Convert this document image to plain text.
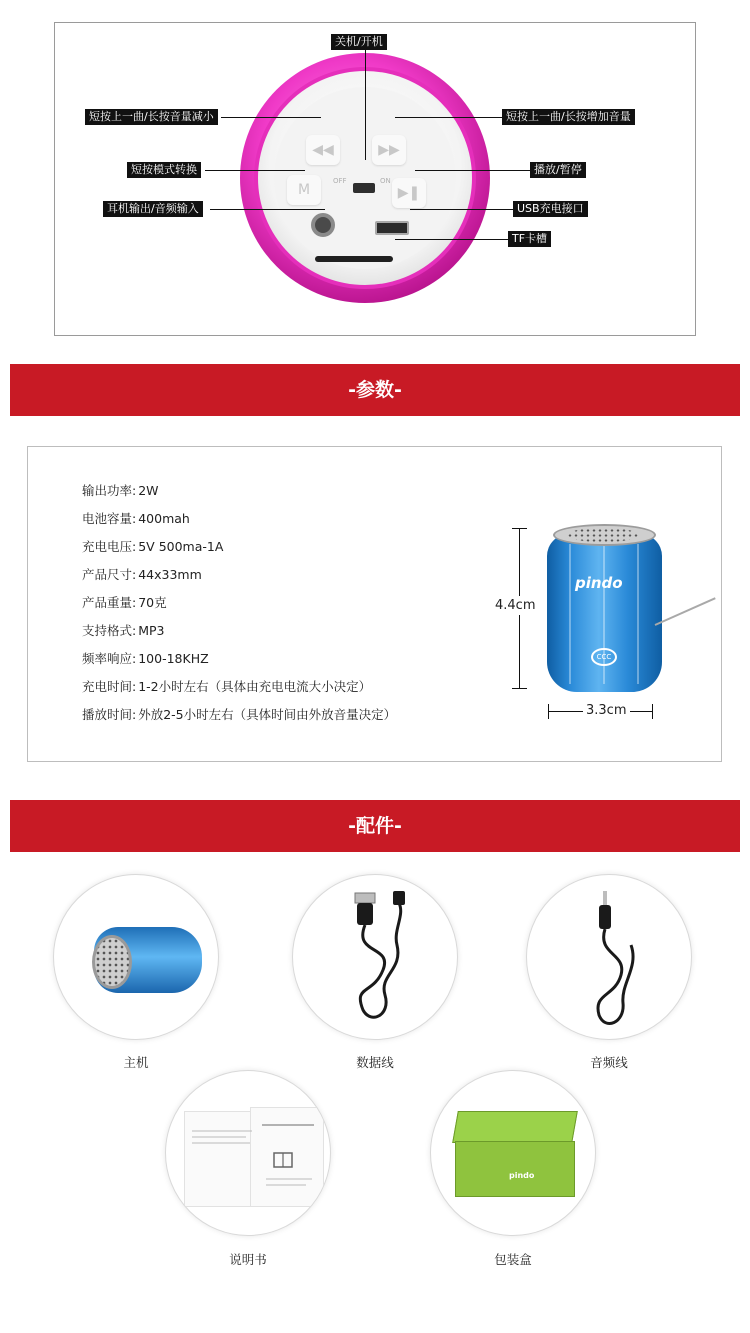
◀◀	▶▶
M	▶❚
OFF	ON
关机/开机
短按上一曲/长按音量减小	短按上一曲/长按增加音量
短按模式转换	播放/暂停
耳机输出/音频输入	USB充电接口
TF卡槽
-参数-
输出功率: 2W
电池容量: 400mah
充电电压: 5V 500ma-1A
产品尺寸: 44x33mm
产品重量: 70克
支持格式: MP3
频率响应: 100-18KHZ
充电时间: 1-2小时左右（具体由充电电流大小决定）
播放时间: 外放2-5小时左右（具体时间由外放音量决定）
4.4cm
pindo
CCC
3.3cm
-配件-
主机	数据线	音频线
说明书
pindo
包装盒
